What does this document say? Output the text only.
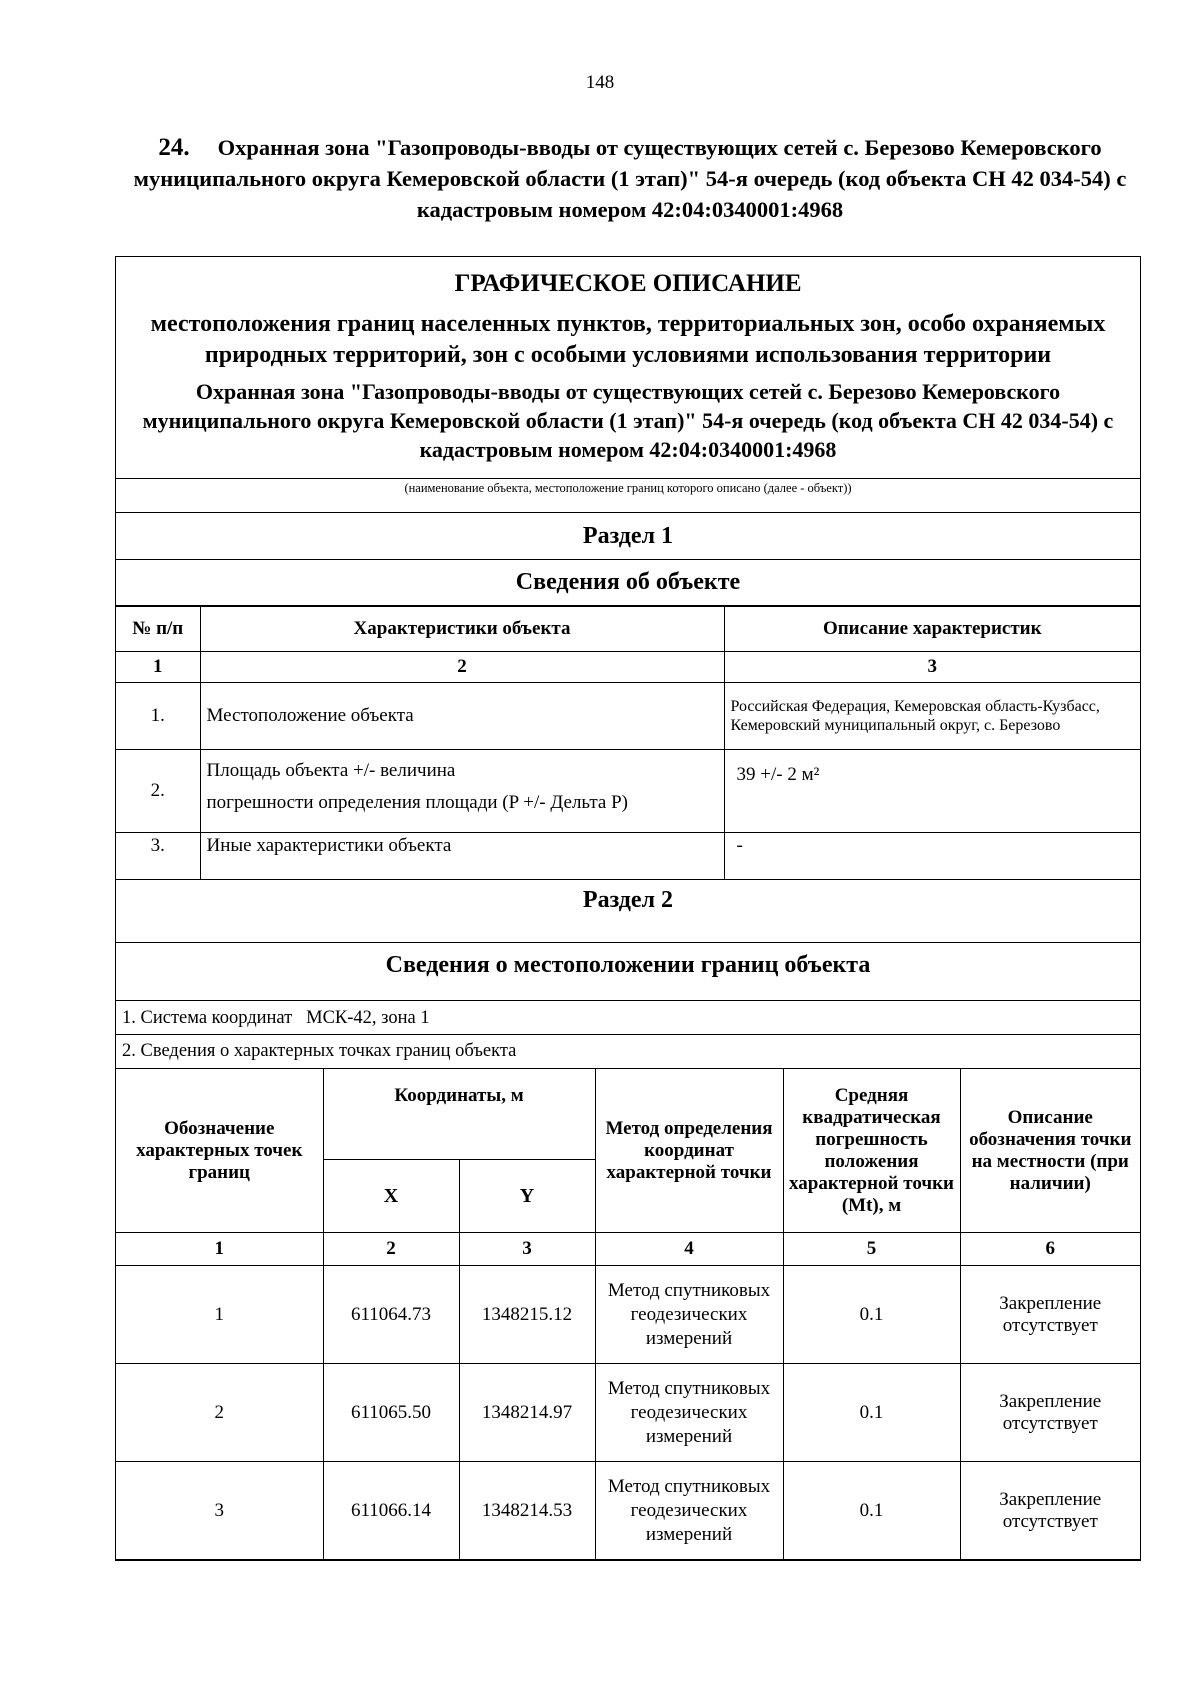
148
24. Охранная зона "Газопроводы-вводы от существующих сетей с. Березово Кемеровского муниципального округа Кемеровской области (1 этап)" 54-я очередь (код объекта СН 42 034-54) с кадастровым номером 42:04:0340001:4968
ГРАФИЧЕСКОЕ ОПИСАНИЕ
местоположения границ населенных пунктов, территориальных зон, особо охраняемых природных территорий, зон с особыми условиями использования территории
Охранная зона "Газопроводы-вводы от существующих сетей с. Березово Кемеровского муниципального округа Кемеровской области (1 этап)" 54-я очередь (код объекта СН 42 034-54) с кадастровым номером 42:04:0340001:4968
(наименование объекта, местоположение границ которого описано (далее - объект))
Раздел 1
Сведения об объекте
№ п/п	Характеристики объекта	Описание характеристик
1	2	3
1.	Местоположение объекта	Российская Федерация, Кемеровская область-Кузбасс, Кемеровский муниципальный округ, с. Березово
2.	Площадь объекта +/- величина
погрешности определения площади (P +/- Дельта P)	39 +/- 2 м²
3.	Иные характеристики объекта	-
Раздел 2
Сведения о местоположении границ объекта
1. Система координат   МСК-42, зона 1
2. Сведения о характерных точках границ объекта
Обозначение характерных точек границ	Координаты, м		Метод определения координат характерной точки	Средняя квадратическая погрешность положения характерной точки (Mt), м	Описание обозначения точки на местности (при наличии)
	X	Y			
1	2	3	4	5	6
1	611064.73	1348215.12	Метод спутниковых геодезических измерений	0.1	Закрепление отсутствует
2	611065.50	1348214.97	Метод спутниковых геодезических измерений	0.1	Закрепление отсутствует
3	611066.14	1348214.53	Метод спутниковых геодезических измерений	0.1	Закрепление отсутствует
